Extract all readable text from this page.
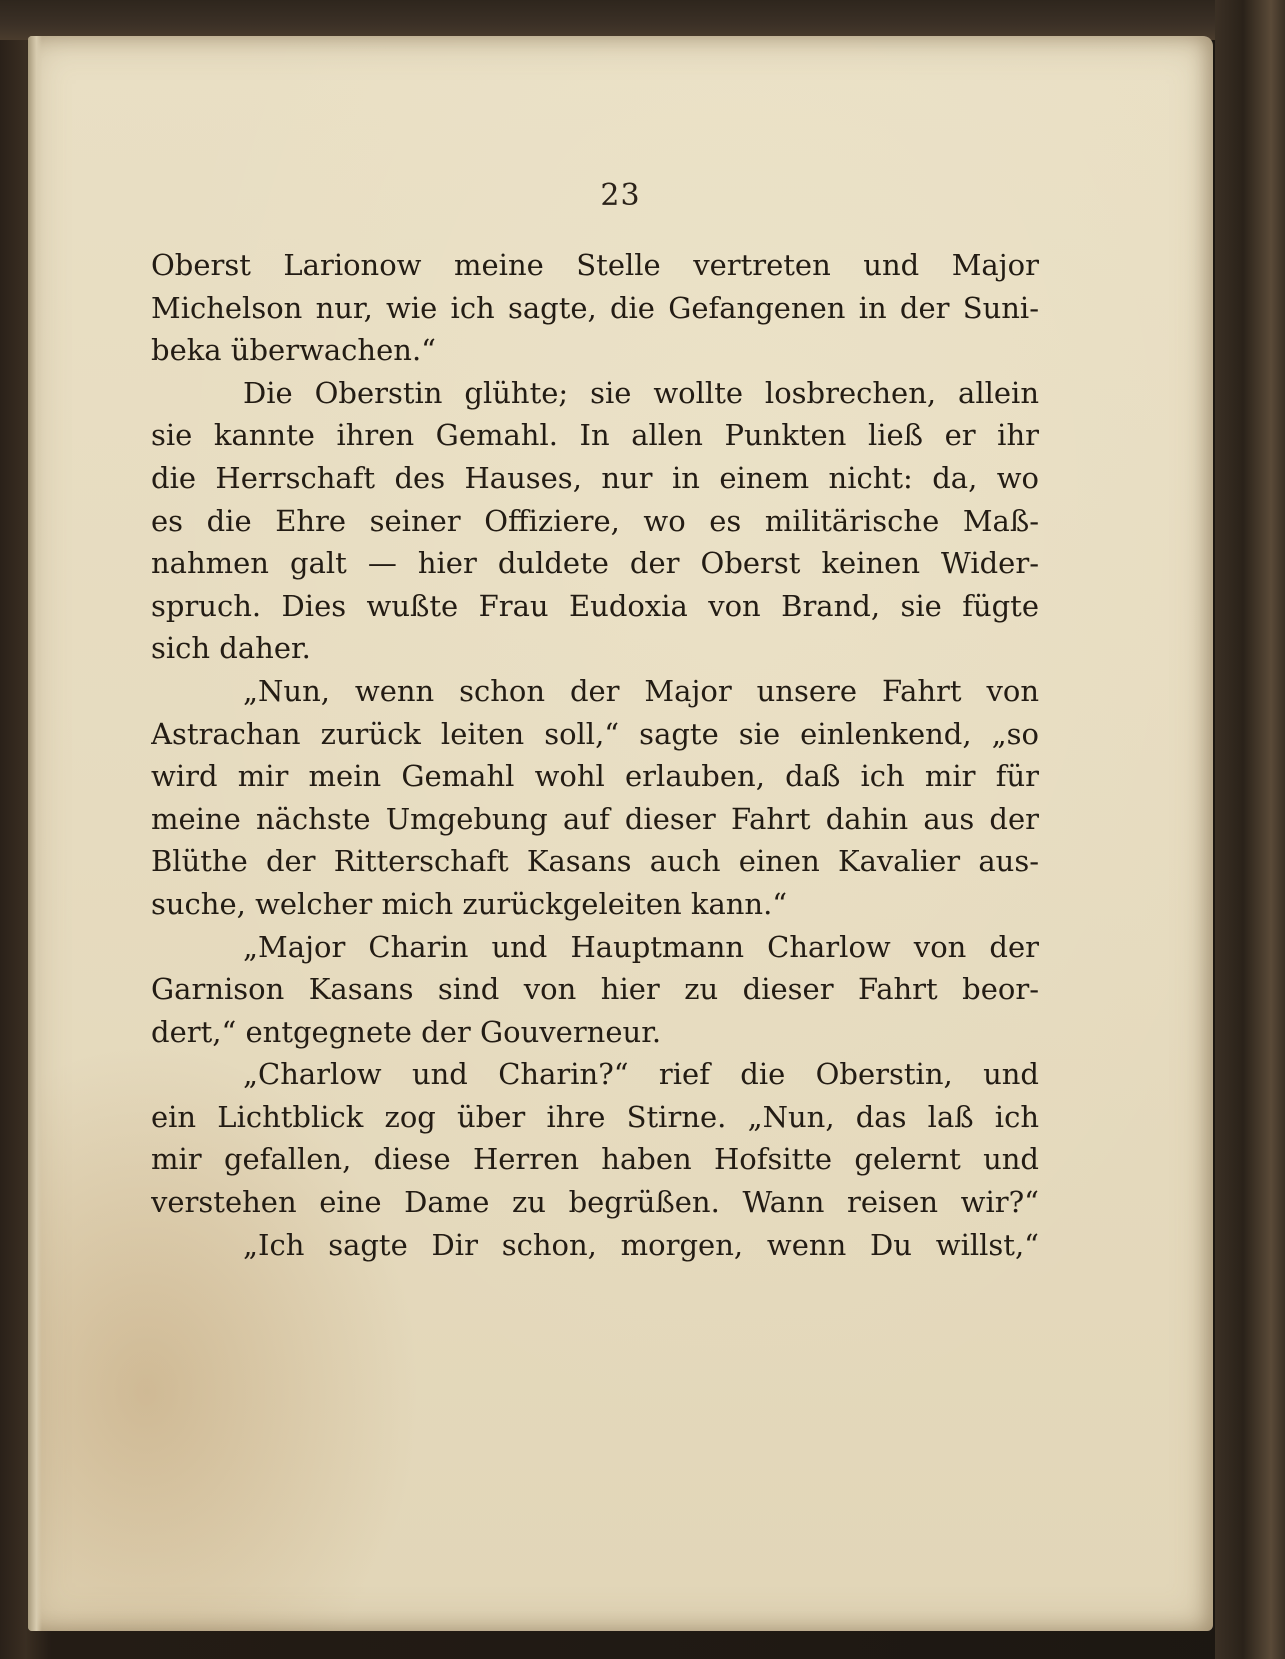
23
Oberst Larionow meine Stelle vertreten und Major
Michelson nur, wie ich sagte, die Gefangenen in der Suni-
beka überwachen.“
Die Oberstin glühte; sie wollte losbrechen, allein
sie kannte ihren Gemahl. In allen Punkten ließ er ihr
die Herrschaft des Hauses, nur in einem nicht: da, wo
es die Ehre seiner Offiziere, wo es militärische Maß-
nahmen galt — hier duldete der Oberst keinen Wider-
spruch. Dies wußte Frau Eudoxia von Brand, sie fügte
sich daher.
„Nun, wenn schon der Major unsere Fahrt von
Astrachan zurück leiten soll,“ sagte sie einlenkend, „so
wird mir mein Gemahl wohl erlauben, daß ich mir für
meine nächste Umgebung auf dieser Fahrt dahin aus der
Blüthe der Ritterschaft Kasans auch einen Kavalier aus-
suche, welcher mich zurückgeleiten kann.“
„Major Charin und Hauptmann Charlow von der
Garnison Kasans sind von hier zu dieser Fahrt beor-
dert,“ entgegnete der Gouverneur.
„Charlow und Charin?“ rief die Oberstin, und
ein Lichtblick zog über ihre Stirne. „Nun, das laß ich
mir gefallen, diese Herren haben Hofsitte gelernt und
verstehen eine Dame zu begrüßen. Wann reisen wir?“
„Ich sagte Dir schon, morgen, wenn Du willst,“
